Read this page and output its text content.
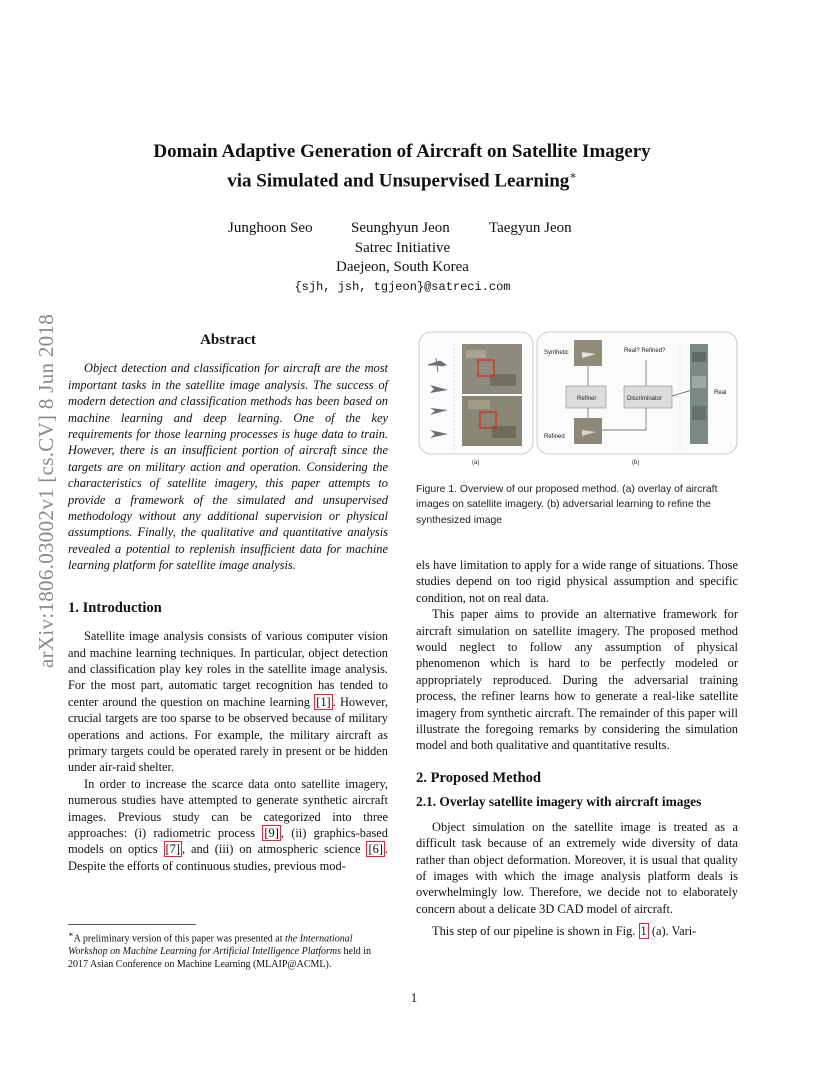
arXiv:1806.03002v1 [cs.CV] 8 Jun 2018
Domain Adaptive Generation of Aircraft on Satellite Imagery
via Simulated and Unsupervised Learning∗
Junghoon Seo	Seunghyun Jeon	Taegyun Jeon
Satrec Initiative
Daejeon, South Korea
{sjh, jsh, tgjeon}@satreci.com
Abstract

Object detection and classification for aircraft are the most important tasks in the satellite image analysis. The success of modern detection and classification methods has been based on machine learning and deep learning. One of the key requirements for those learning processes is huge data to train. However, there is an insufficient portion of aircraft since the targets are on military action and operation. Considering the characteristics of satellite imagery, this paper attempts to provide a framework of the simulated and unsupervised methodology without any additional supervision or physical assumptions. Finally, the qualitative and quantitative analysis revealed a potential to replenish insufficient data for machine learning platform for satellite image analysis.

1. Introduction

Satellite image analysis consists of various computer vision and machine learning techniques. In particular, object detection and classification play key roles in the satellite image analysis. For the most part, automatic target recognition has tended to center around the question on machine learning [1] . However, crucial targets are too sparse to be observed because of military operations and actions. For example, the military aircraft as primary targets could be operated rarely in present or be hidden under air-raid shelter.

In order to increase the scarce data onto satellite imagery, numerous studies have attempted to generate synthetic aircraft images. Previous study can be categorized into three approaches: (i) radiometric process [9] , (ii) graphics-based models on optics [7] , and (iii) on atmospheric science [6] . Despite the efforts of continuous studies, previous mod-

∗A preliminary version of this paper was presented at the International Workshop on Machine Learning for Artificial Intelligence Platforms held in 2017 Asian Conference on Machine Learning (MLAIP@ACML).
(a)
Synthetic	Real? Refined?
Refiner	Discriminator
Refined
Real
(b)
Figure 1. Overview of our proposed method. (a) overlay of aircraft images on satellite imagery. (b) adversarial learning to refine the synthesized image

els have limitation to apply for a wide range of situations. Those studies depend on too rigid physical assumption and specific condition, not on real data.

This paper aims to provide an alternative framework for aircraft simulation on satellite imagery. The proposed method would neglect to follow any assumption of physical phenomenon which is hard to be perfectly modeled or appropriately reproduced. During the adversarial training process, the refiner learns how to generate a real-like satellite imagery from synthetic aircraft. The remainder of this paper will illustrate the foregoing remarks by considering the simulation model and both qualitative and quantitative results.

2. Proposed Method
2.1. Overlay satellite imagery with aircraft images

Object simulation on the satellite image is treated as a difficult task because of an extremely wide diversity of data rather than object deformation. Moreover, it is usual that quality of images with which the image analysis platform deals is overwhelmingly low. Therefore, we decide not to elaborately concern about a delicate 3D CAD model of aircraft.

This step of our pipeline is shown in Fig. 1 (a). Vari-

1
